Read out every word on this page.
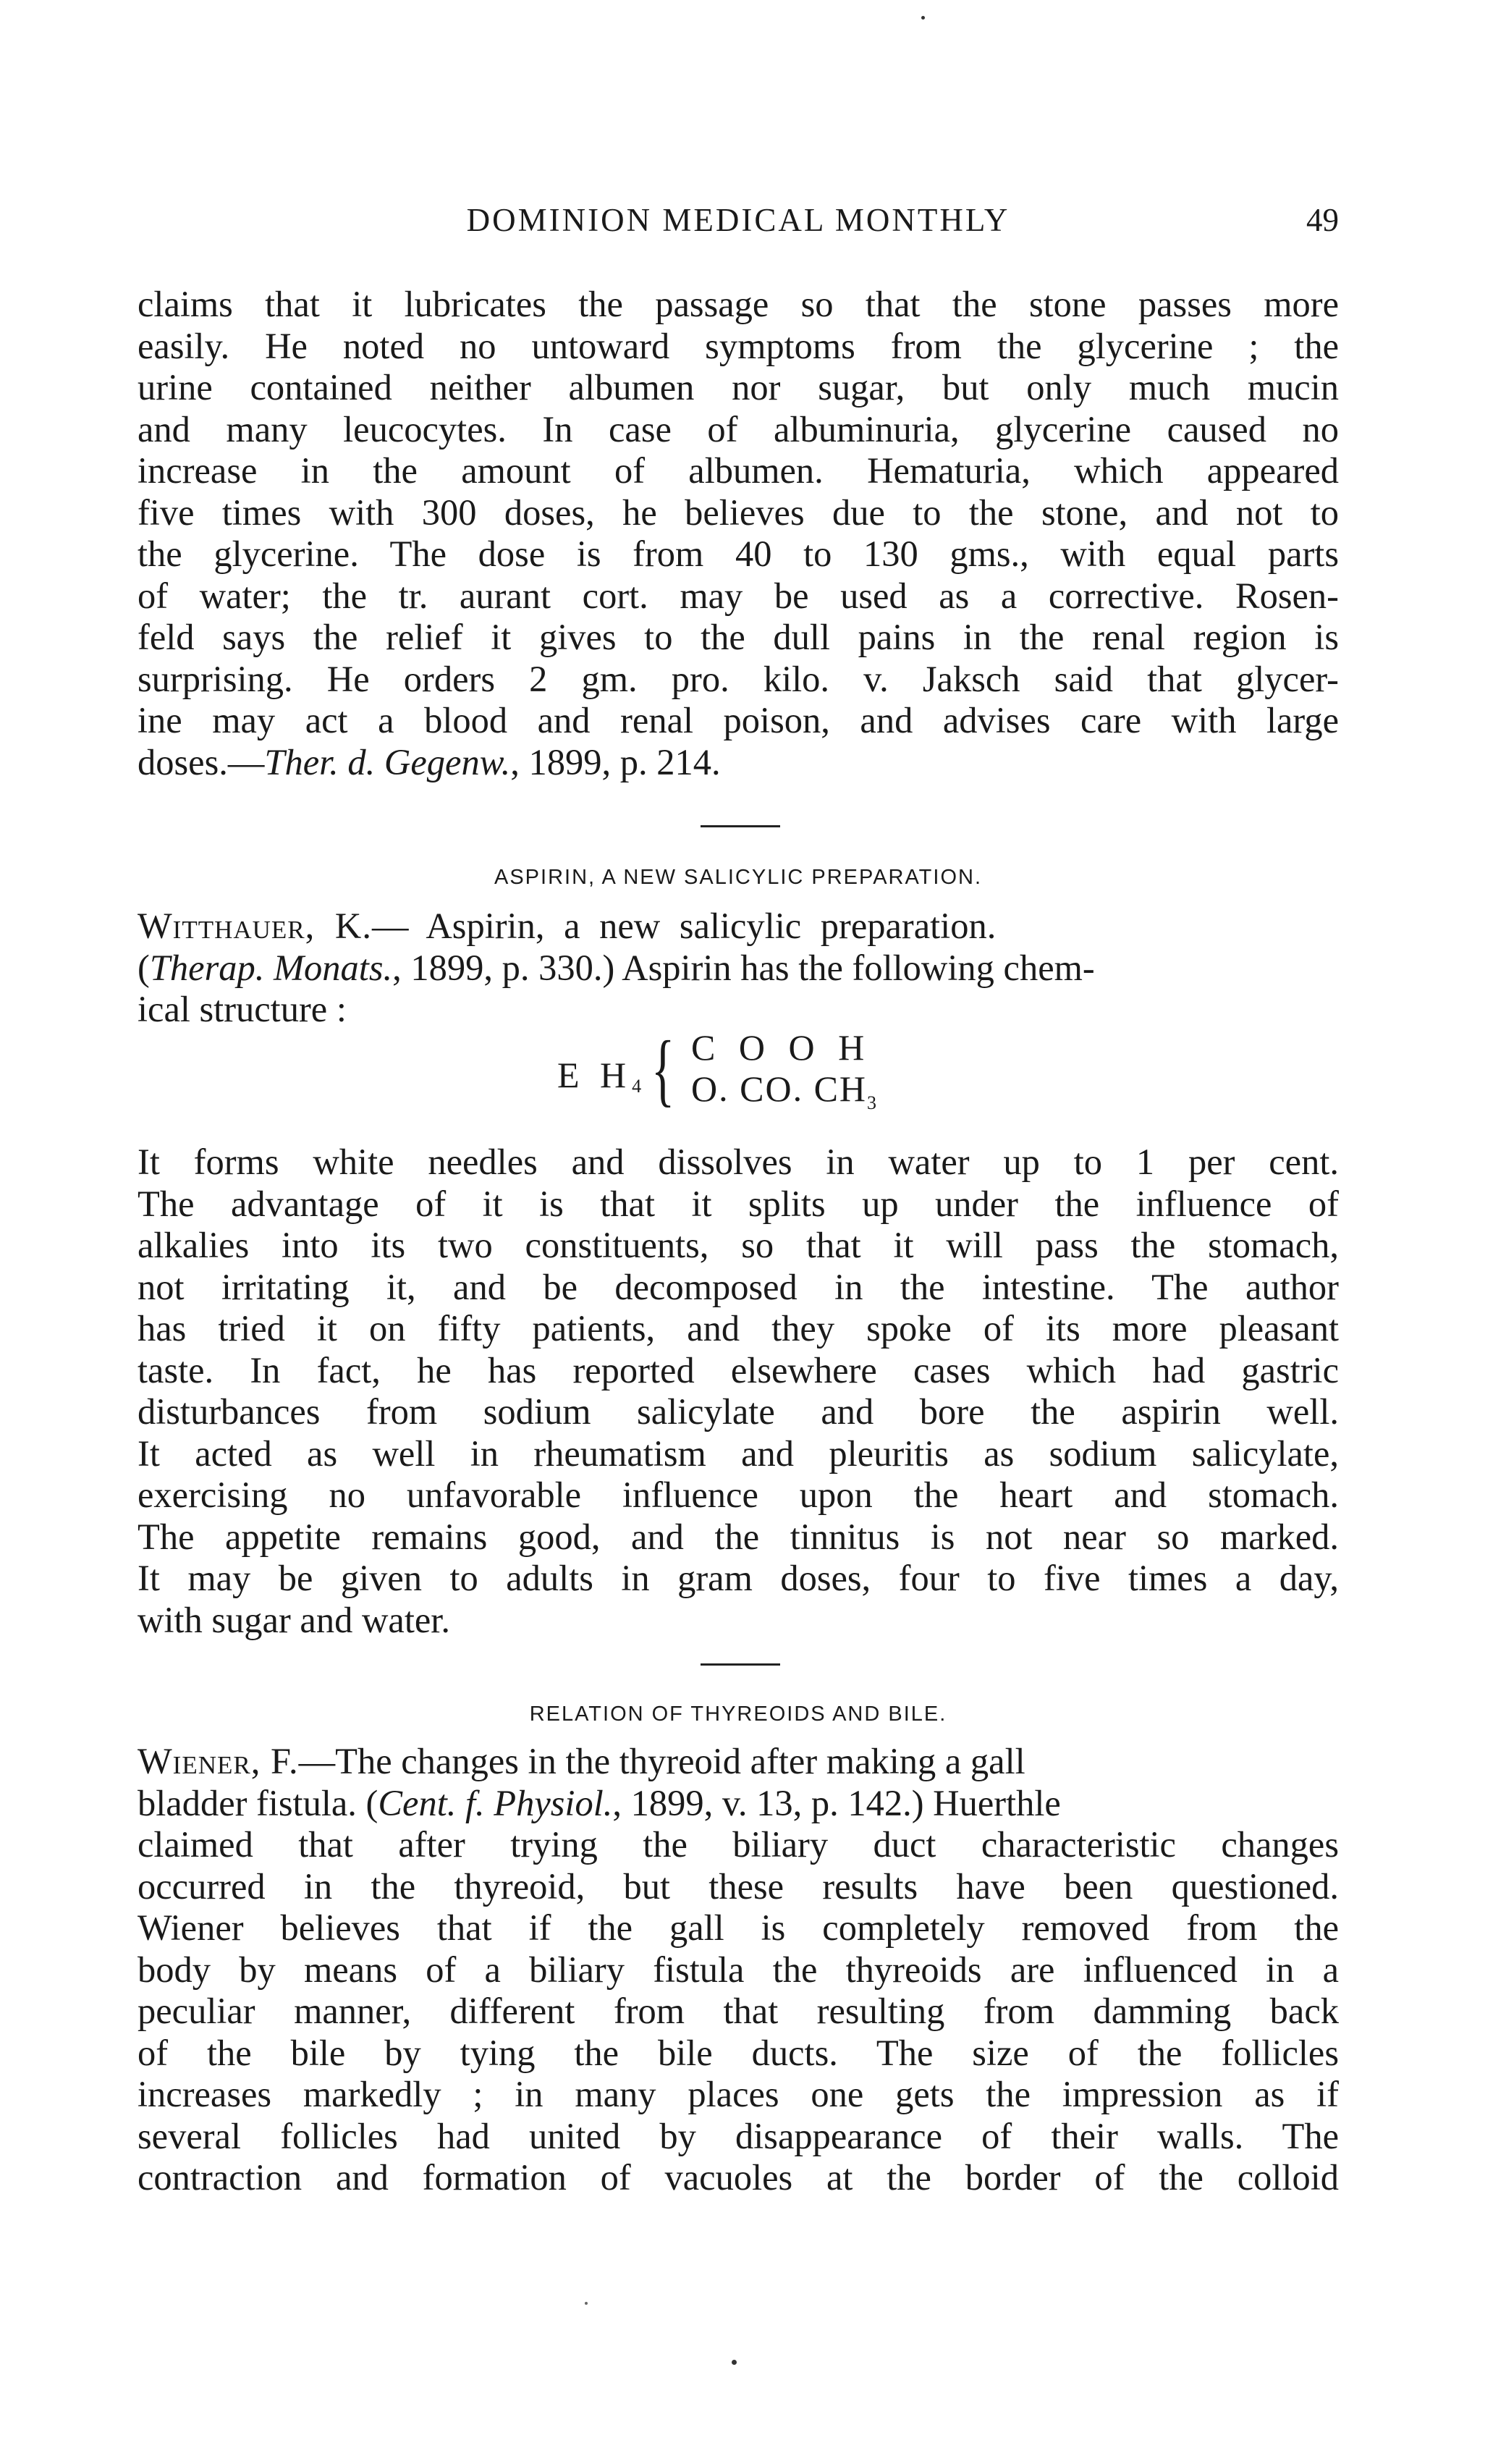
DOMINION MEDICAL MONTHLY	49
claims that it lubricates the passage so that the stone passes more
easily. He noted no untoward symptoms from the glycerine ; the
urine contained neither albumen nor sugar, but only much mucin
and many leucocytes. In case of albuminuria, glycerine caused no
increase in the amount of albumen. Hematuria, which appeared
five times with 300 doses, he believes due to the stone, and not to
the glycerine. The dose is from 40 to 130 gms., with equal parts
of water; the tr. aurant cort. may be used as a corrective. Rosen-
feld says the relief it gives to the dull pains in the renal region is
surprising. He orders 2 gm. pro. kilo. v. Jaksch said that glycer-
ine may act a blood and renal poison, and advises care with large
doses.—Ther. d. Gegenw., 1899, p. 214.
ASPIRIN, A NEW SALICYLIC PREPARATION.
Witthauer, K.— Aspirin, a new salicylic preparation.
(Therap. Monats., 1899, p. 330.) Aspirin has the following chem-
ical structure :
E $H_4$ { C O O H
O. CO. $CH_3$
It forms white needles and dissolves in water up to 1 per cent.
The advantage of it is that it splits up under the influence of
alkalies into its two constituents, so that it will pass the stomach,
not irritating it, and be decomposed in the intestine. The author
has tried it on fifty patients, and they spoke of its more pleasant
taste. In fact, he has reported elsewhere cases which had gastric
disturbances from sodium salicylate and bore the aspirin well.
It acted as well in rheumatism and pleuritis as sodium salicylate,
exercising no unfavorable influence upon the heart and stomach.
The appetite remains good, and the tinnitus is not near so marked.
It may be given to adults in gram doses, four to five times a day,
with sugar and water.
RELATION OF THYREOIDS AND BILE.
Wiener, F.—The changes in the thyreoid after making a gall
bladder fistula. (Cent. f. Physiol., 1899, v. 13, p. 142.) Huerthle
claimed that after trying the biliary duct characteristic changes
occurred in the thyreoid, but these results have been questioned.
Wiener believes that if the gall is completely removed from the
body by means of a biliary fistula the thyreoids are influenced in a
peculiar manner, different from that resulting from damming back
of the bile by tying the bile ducts. The size of the follicles
increases markedly ; in many places one gets the impression as if
several follicles had united by disappearance of their walls. The
contraction and formation of vacuoles at the border of the colloid
